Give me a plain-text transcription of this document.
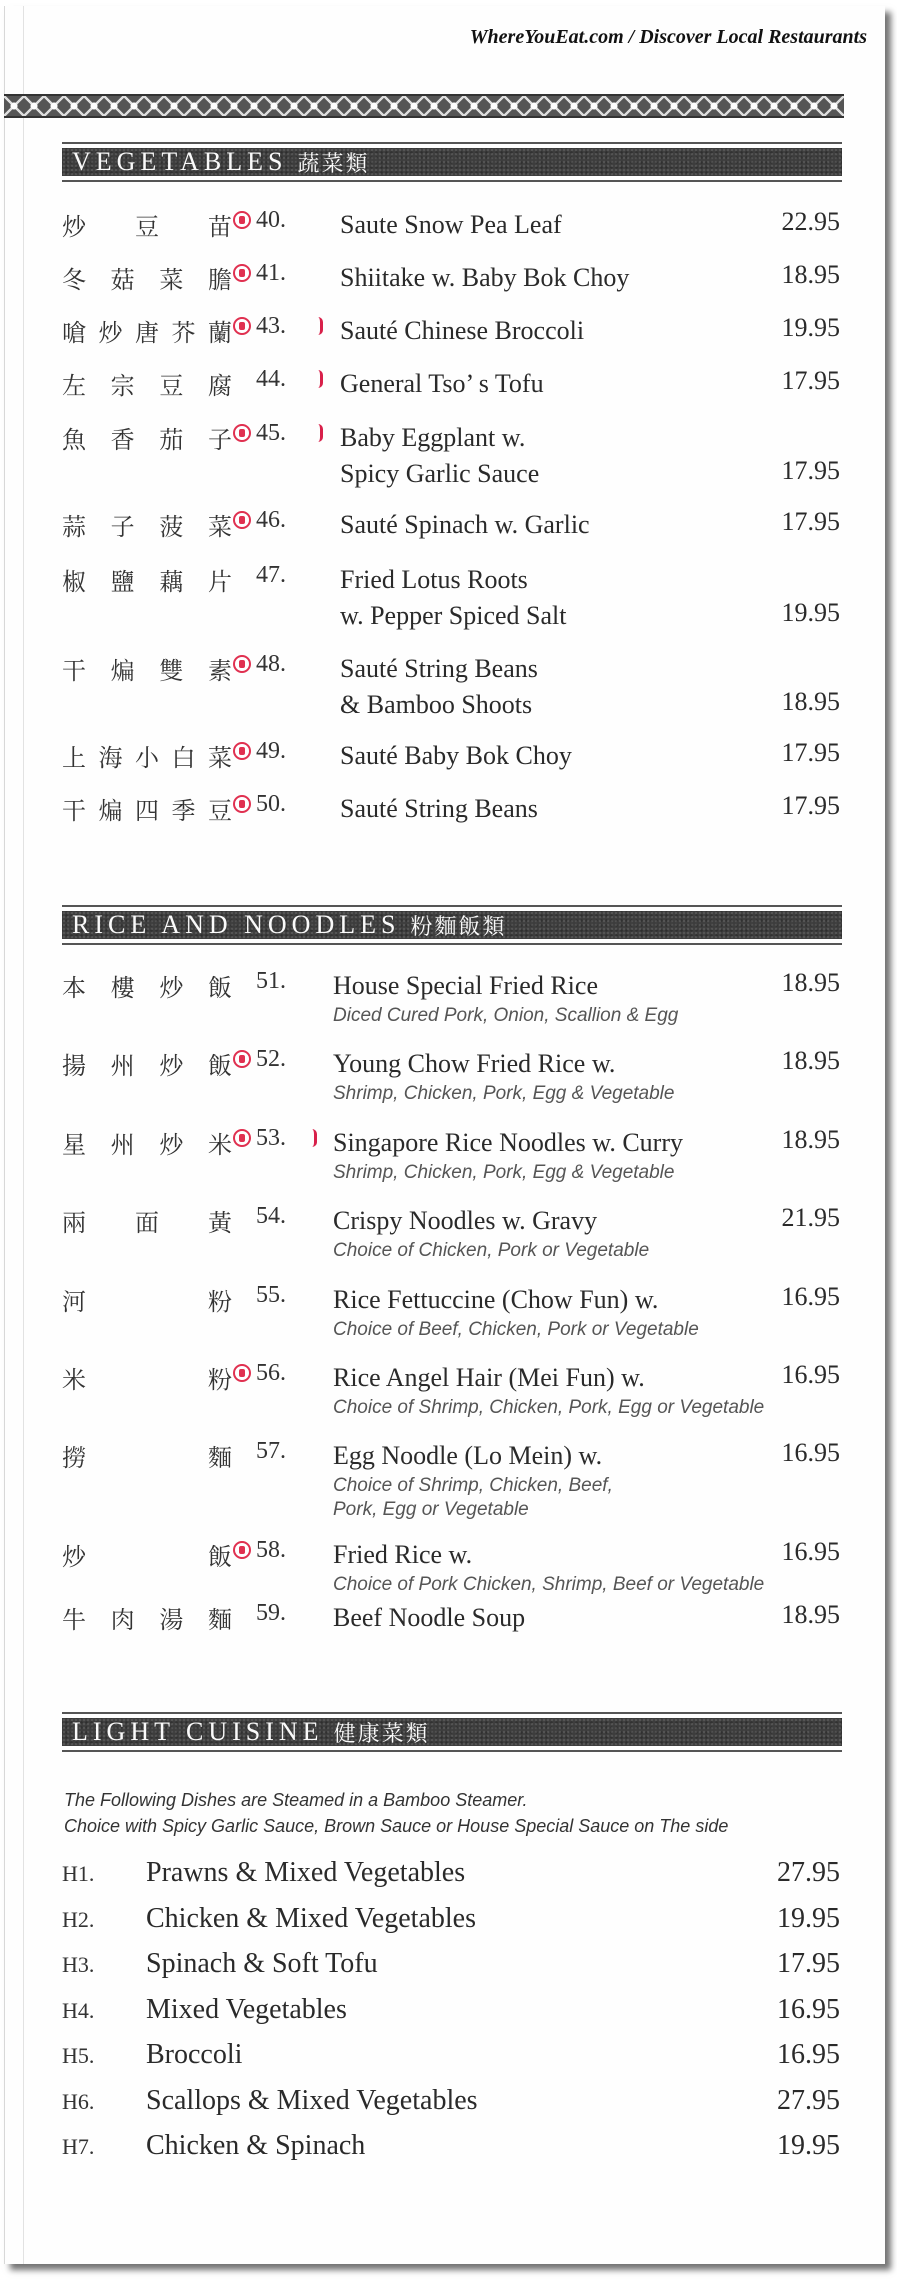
WhereYouEat.com / Discover Local Restaurants
VEGETABLES 蔬菜類
炒 豆 苗 40. Saute Snow Pea Leaf	22.95
冬 菇 菜 膽 41. Shiitake w. Baby Bok Choy	18.95
嗆 炒 唐 芥 蘭 43. Sauté Chinese Broccoli	19.95
左 宗 豆 腐 44. General Tso’ s Tofu	17.95
魚 香 茄 子 45. Baby Eggplant w.
Spicy Garlic Sauce	17.95
蒜 子 菠 菜 46. Sauté Spinach w. Garlic	17.95
椒 鹽 藕 片 47. Fried Lotus Roots
w. Pepper Spiced Salt	19.95
干 煸 雙 素 48. Sauté String Beans
& Bamboo Shoots	18.95
上 海 小 白 菜 49. Sauté Baby Bok Choy	17.95
干 煸 四 季 豆 50. Sauté String Beans	17.95
RICE AND NOODLES 粉麵飯類
本 樓 炒 飯 51. House Special Fried Rice
Diced Cured Pork, Onion, Scallion & Egg
18.95
揚 州 炒 飯 52. Young Chow Fried Rice w.
Shrimp, Chicken, Pork, Egg & Vegetable
18.95
星 州 炒 米 53. Singapore Rice Noodles w. Curry
Shrimp, Chicken, Pork, Egg & Vegetable
18.95
兩 面 黃 54. Crispy Noodles w. Gravy
Choice of Chicken, Pork or Vegetable
21.95
河	粉 55. Rice Fettuccine (Chow Fun) w.
Choice of Beef, Chicken, Pork or Vegetable
16.95
米	粉 56. Rice Angel Hair (Mei Fun) w.
Choice of Shrimp, Chicken, Pork, Egg or Vegetable
16.95
撈	麵 57. Egg Noodle (Lo Mein) w.
Choice of Shrimp, Chicken, Beef,
Pork, Egg or Vegetable
16.95
炒	飯 58. Fried Rice w.
Choice of Pork Chicken, Shrimp, Beef or Vegetable
16.95
牛 肉 湯 麵 59. Beef Noodle Soup	18.95
LIGHT CUISINE 健康菜類
The Following Dishes are Steamed in a Bamboo Steamer.
Choice with Spicy Garlic Sauce, Brown Sauce or House Special Sauce on The side
H1. Prawns & Mixed Vegetables	27.95
H2. Chicken & Mixed Vegetables	19.95
H3. Spinach & Soft Tofu	17.95
H4. Mixed Vegetables	16.95
H5. Broccoli	16.95
H6. Scallops & Mixed Vegetables	27.95
H7. Chicken & Spinach	19.95
